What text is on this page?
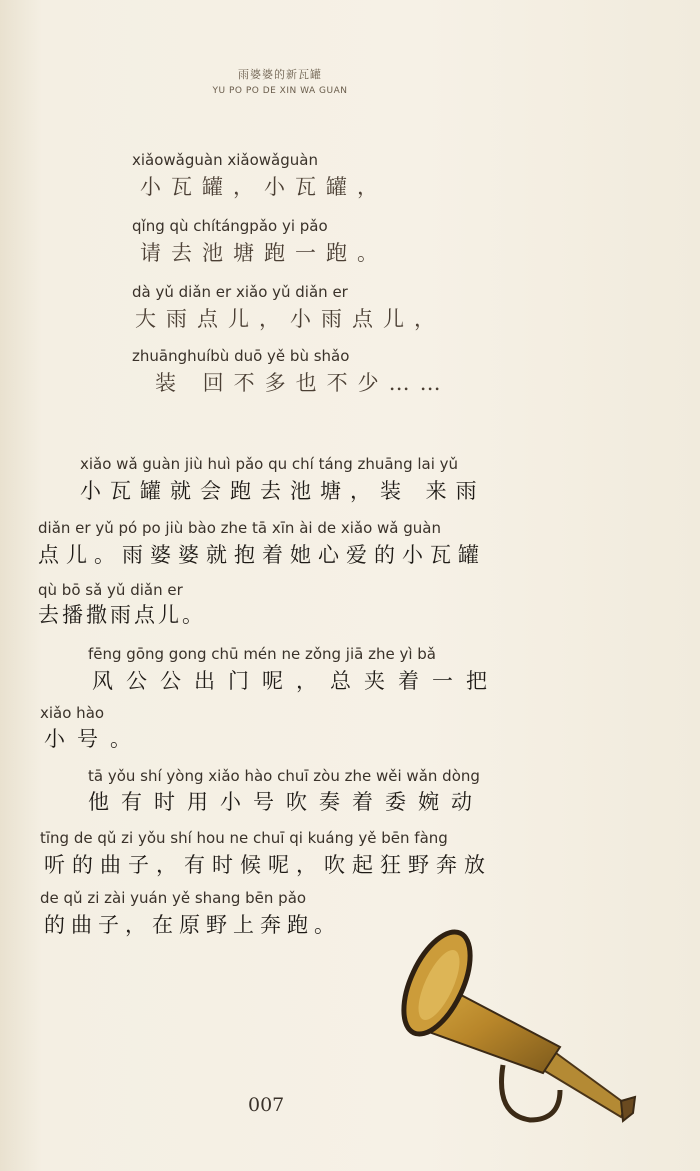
雨婆婆的新瓦罐
YU PO PO DE XIN WA GUAN
xiǎowǎguàn xiǎowǎguàn
小瓦罐，小瓦罐，
qǐng qù chítángpǎo yi pǎo
请去池塘跑一跑。
dà yǔ diǎn er xiǎo yǔ diǎn er
大雨点儿，小雨点儿，
zhuānghuíbù duō yě bù shǎo
装 回不多也不少……
xiǎo wǎ guàn jiù huì pǎo qu chí táng zhuāng lai yǔ
小瓦罐就会跑去池塘，装 来雨
diǎn er yǔ pó po jiù bào zhe tā xīn ài de xiǎo wǎ guàn
点儿。雨婆婆就抱着她心爱的小瓦罐
qù bō sǎ yǔ diǎn er
去播撒雨点儿。
fēng gōng gong chū mén ne zǒng jiā zhe yì bǎ
风公公出门呢，总夹着一把
xiǎo hào
小号。
tā yǒu shí yòng xiǎo hào chuī zòu zhe wěi wǎn dòng
他有时用小号吹奏着委婉动
tīng de qǔ zi yǒu shí hou ne chuī qi kuáng yě bēn fàng
听的曲子，有时候呢，吹起狂野奔放
de qǔ zi zài yuán yě shang bēn pǎo
的曲子，在原野上奔跑。
007
